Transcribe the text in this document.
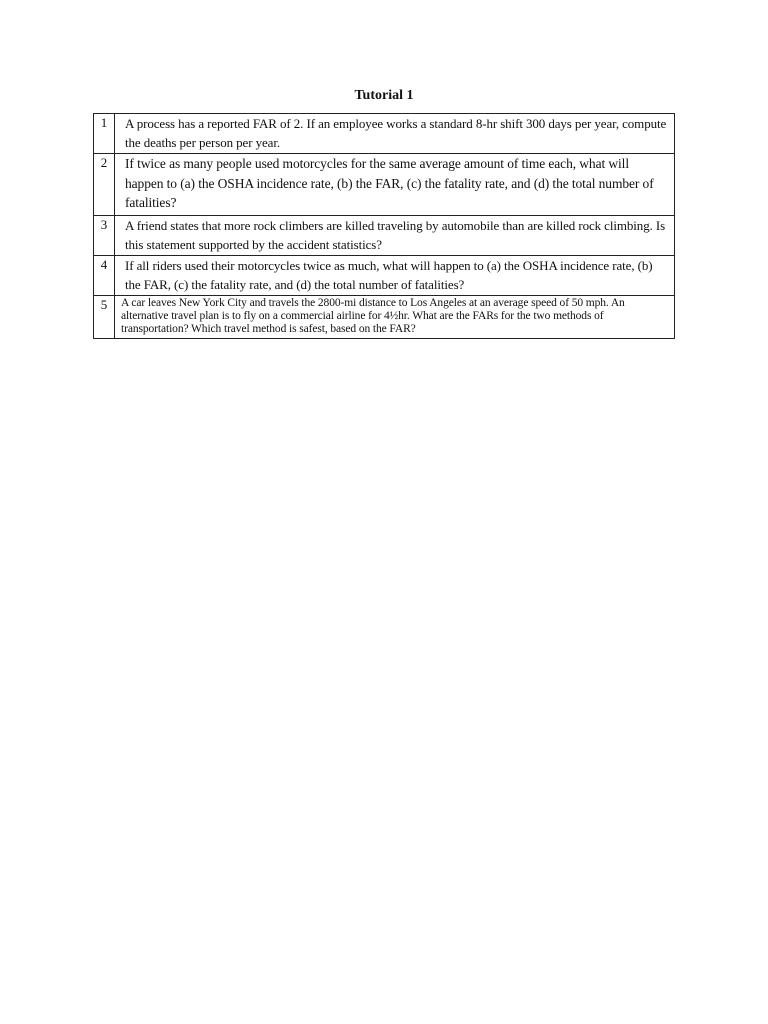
Tutorial 1
1	A process has a reported FAR of 2. If an employee works a standard 8-hr shift 300 days per year, compute the deaths per person per year.
2	If twice as many people used motorcycles for the same average amount of time each, what will happen to (a) the OSHA incidence rate, (b) the FAR, (c) the fatality rate, and (d) the total number of fatalities?
3	A friend states that more rock climbers are killed traveling by automobile than are killed rock climbing. Is this statement supported by the accident statistics?
4	If all riders used their motorcycles twice as much, what will happen to (a) the OSHA incidence rate, (b) the FAR, (c) the fatality rate, and (d) the total number of fatalities?
5	A car leaves New York City and travels the 2800-mi distance to Los Angeles at an average speed of 50 mph. An alternative travel plan is to fly on a commercial airline for 4½hr. What are the FARs for the two methods of transportation? Which travel method is safest, based on the FAR?
